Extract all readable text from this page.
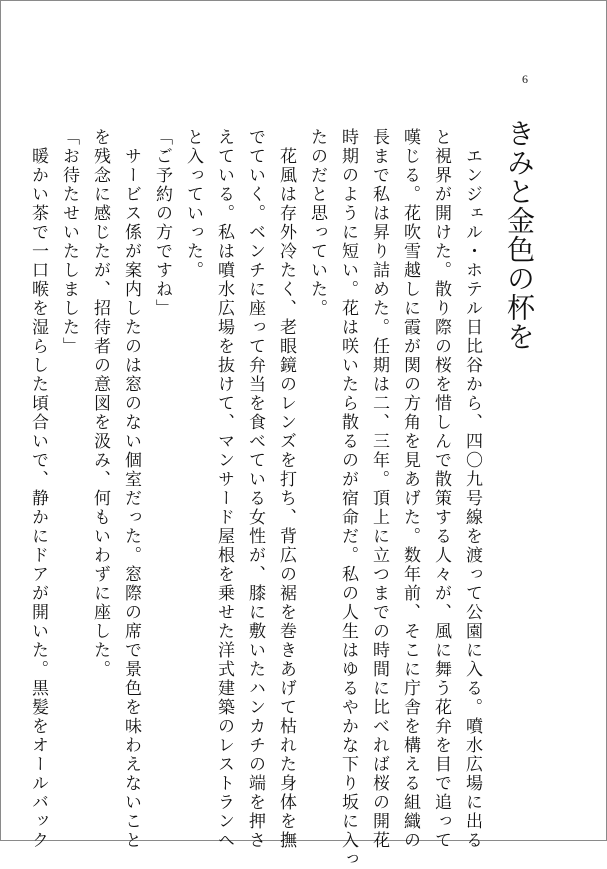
6
きみと金色の杯を
　エンジェル・ホテル日比谷から、四〇九号線を渡って公園に入る。噴水広場に出る
と視界が開けた。散り際の桜を惜しんで散策する人々が、風に舞う花弁を目で追って
嘆じる。花吹雪越しに霞が関の方角を見あげた。数年前、そこに庁舎を構える組織の
長まで私は昇り詰めた。任期は二、三年。頂上に立つまでの時間に比べれば桜の開花
時期のように短い。花は咲いたら散るのが宿命だ。私の人生はゆるやかな下り坂に入っ
たのだと思っていた。
　花風は存外冷たく、老眼鏡のレンズを打ち、背広の裾を巻きあげて枯れた身体を撫
でていく。ベンチに座って弁当を食べている女性が、膝に敷いたハンカチの端を押さ
えている。私は噴水広場を抜けて、マンサード屋根を乗せた洋式建築のレストランへ
と入っていった。
「ご予約の方ですね」
　サービス係が案内したのは窓のない個室だった。窓際の席で景色を味わえないこと
を残念に感じたが、招待者の意図を汲み、何もいわずに座した。
「お待たせいたしました」
　暖かい茶で一口喉を湿らした頃合いで、静かにドアが開いた。黒髪をオールバック
